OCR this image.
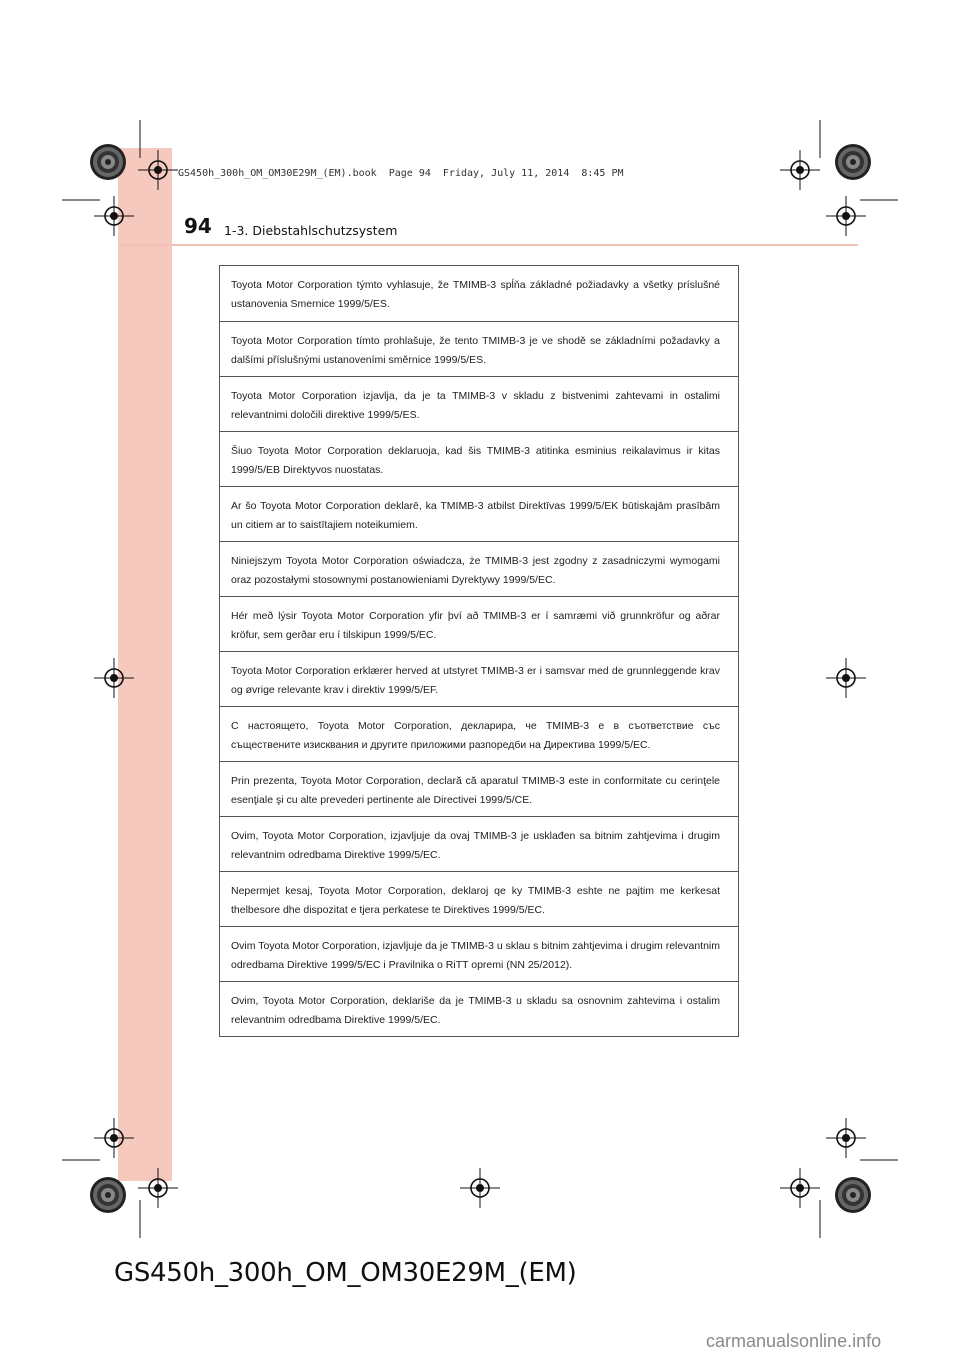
GS450h_300h_OM_OM30E29M_(EM).book  Page 94  Friday, July 11, 2014  8:45 PM
94 1-3. Diebstahlschutzsystem
Toyota Motor Corporation týmto vyhlasuje, že TMIMB-3 spĺňa základné požiadavky a všetky príslušné ustanovenia Smernice 1999/5/ES.
Toyota Motor Corporation tímto prohlašuje, že tento TMIMB-3 je ve shodě se základními požadavky a dalšími příslušnými ustanoveními směrnice 1999/5/ES.
Toyota Motor Corporation izjavlja, da je ta TMIMB-3 v skladu z bistvenimi zahtevami in ostalimi relevantnimi določili direktive 1999/5/ES.
Šiuo Toyota Motor Corporation deklaruoja, kad šis TMIMB-3 atitinka esminius reikalavimus ir kitas 1999/5/EB Direktyvos nuostatas.
Ar šo Toyota Motor Corporation deklarē, ka TMIMB-3 atbilst Direktīvas 1999/5/EK būtiskajām prasībām un citiem ar to saistītajiem noteikumiem.
Niniejszym Toyota Motor Corporation oświadcza, że TMIMB-3 jest zgodny z zasadniczymi wymogami oraz pozostałymi stosownymi postanowieniami Dyrektywy 1999/5/EC.
Hér með lýsir Toyota Motor Corporation yfir því að TMIMB-3 er í samræmi við grunnkröfur og aðrar kröfur, sem gerðar eru í tilskipun 1999/5/EC.
Toyota Motor Corporation erklærer herved at utstyret TMIMB-3 er i samsvar med de grunnleggende krav og øvrige relevante krav i direktiv 1999/5/EF.
С настоящето, Toyota Motor Corporation, декларира, че TMIMB-3 е в съответствие със съществените изисквания и другите приложими разпоредби на Директива 1999/5/EC.
Prin prezenta, Toyota Motor Corporation, declară că aparatul TMIMB-3 este in conformitate cu cerinţele esenţiale şi cu alte prevederi pertinente ale Directivei 1999/5/CE.
Ovim, Toyota Motor Corporation, izjavljuje da ovaj TMIMB-3 je usklađen sa bitnim zahtjevima i drugim relevantnim odredbama Direktive 1999/5/EC.
Nepermjet kesaj, Toyota Motor Corporation, deklaroj qe ky TMIMB-3 eshte ne pajtim me kerkesat thelbesore dhe dispozitat e tjera perkatese te Direktives 1999/5/EC.
Ovim Toyota Motor Corporation, izjavljuje da je TMIMB-3 u sklau s bitnim zahtjevima i drugim relevantnim odredbama Direktive 1999/5/EC i Pravilnika o RiTT opremi (NN 25/2012).
Ovim, Toyota Motor Corporation, deklariše da je TMIMB-3 u skladu sa osnovnim zahtevima i ostalim relevantnim odredbama Direktive 1999/5/EC.
GS450h_300h_OM_OM30E29M_(EM)
carmanualsonline.info
